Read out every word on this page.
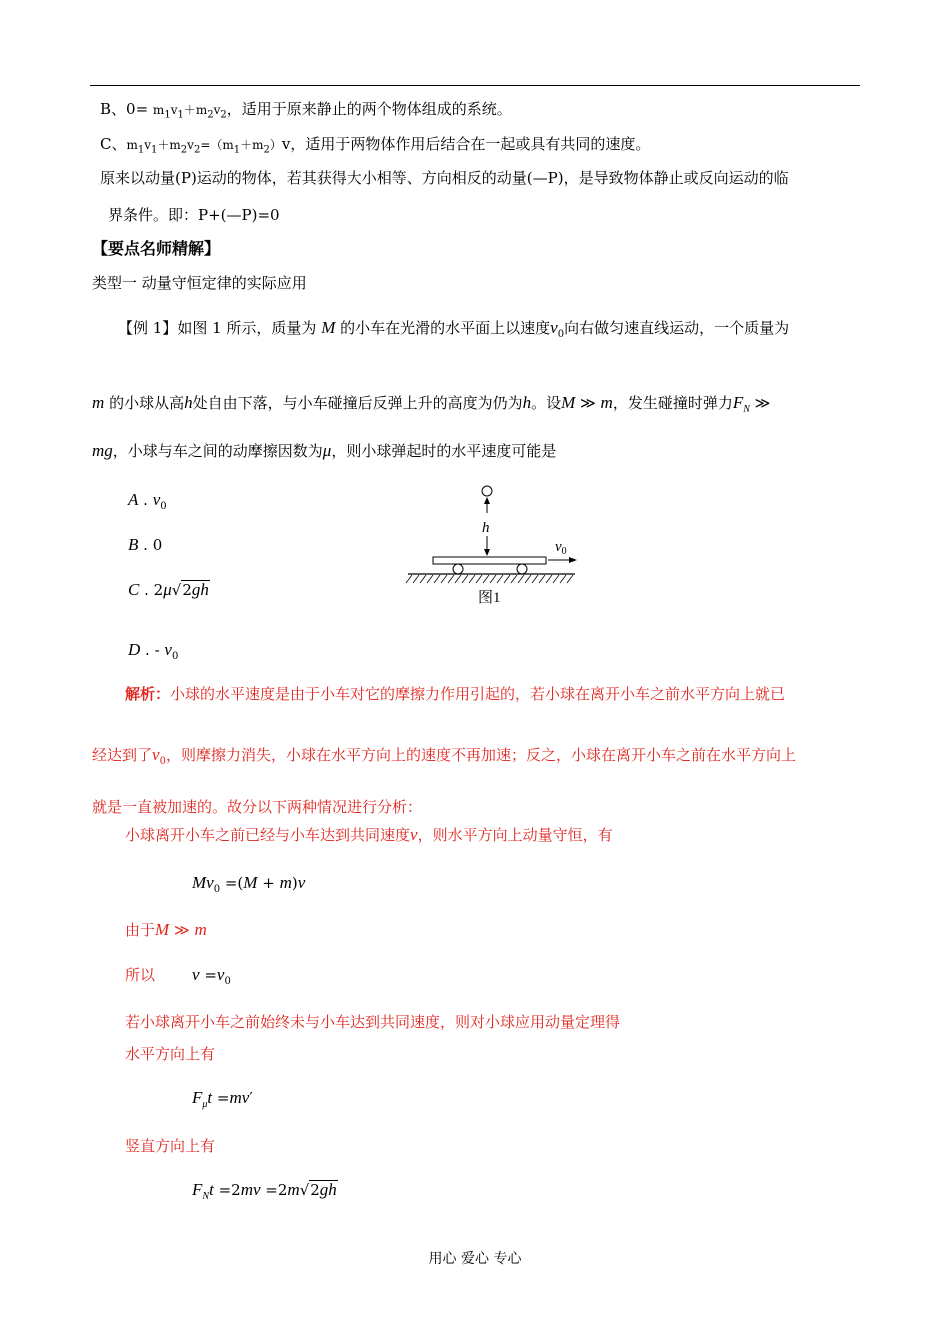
B、$0= m_1v_1+m_2v_2$，适用于原来静止的两个物体组成的系统。
C、$m_1v_1+m_2v_2=(m_1+m_2)v$，适用于两物体作用后结合在一起或具有共同的速度。
原来以动量(P)运动的物体，若其获得大小相等、方向相反的动量(—P)，是导致物体静止或反向运动的临
界条件。即：P+(—P)=0
【要点名师精解】
类型一 动量守恒定律的实际应用
【例 1】如图 1 所示，质量为 M 的小车在光滑的水平面上以速度$v_0$向右做匀速直线运动，一个质量为
m 的小球从高h处自由下落，与小车碰撞后反弹上升的高度为仍为h。设M ≫ m，发生碰撞时弹力$F_N$ ≫
mg，小球与车之间的动摩擦因数为μ，则小球弹起时的水平速度可能是
A . $v_0$
B . 0
C . 2μ√2gh
D . - $v_0$
h
$v_0$
图1
解析：小球的水平速度是由于小车对它的摩擦力作用引起的，若小球在离开小车之前水平方向上就已
经达到了$v_0$，则摩擦力消失，小球在水平方向上的速度不再加速；反之，小球在离开小车之前在水平方向上
就是一直被加速的。故分以下两种情况进行分析：
小球离开小车之前已经与小车达到共同速度v，则水平方向上动量守恒，有
$Mv_0 =(M + m)v$
由于M ≫ m
所以 $v =v_0$
若小球离开小车之前始终未与小车达到共同速度，则对小球应用动量定理得
水平方向上有
$F_\mu t =mv'$
竖直方向上有
$F_Nt =2mv =2m√2gh$
用心 爱心 专心
